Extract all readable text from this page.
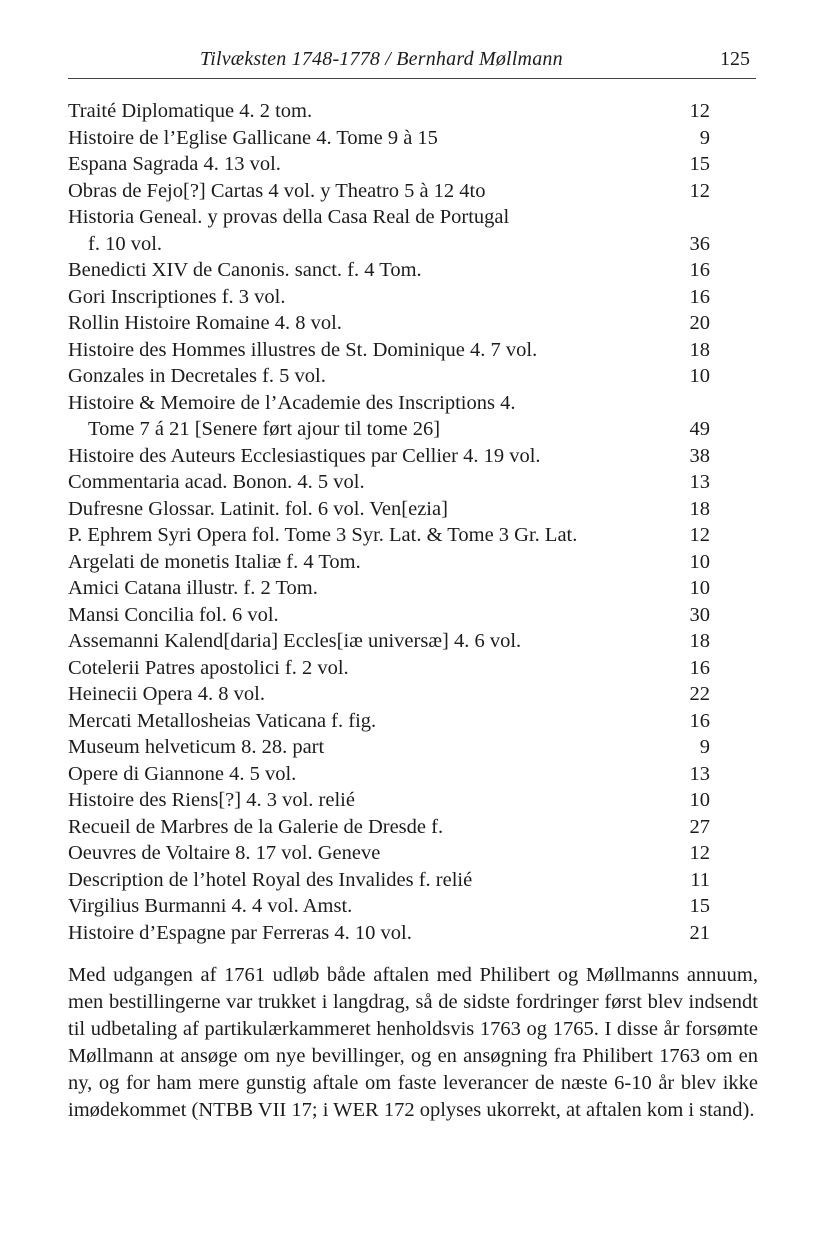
Tilvæksten 1748-1778 / Bernhard Møllmann	125
Traité Diplomatique 4. 2 tom.	12
Histoire de l’Eglise Gallicane 4. Tome 9 à 15	9
Espana Sagrada 4. 13 vol.	15
Obras de Fejo[?] Cartas 4 vol. y Theatro 5 à 12 4to	12
Historia Geneal. y provas della Casa Real de Portugal
f. 10 vol.	36
Benedicti XIV de Canonis. sanct. f. 4 Tom.	16
Gori Inscriptiones f. 3 vol.	16
Rollin Histoire Romaine 4. 8 vol.	20
Histoire des Hommes illustres de St. Dominique 4. 7 vol.	18
Gonzales in Decretales f. 5 vol.	10
Histoire & Memoire de l’Academie des Inscriptions 4.
Tome 7 á 21 [Senere ført ajour til tome 26]	49
Histoire des Auteurs Ecclesiastiques par Cellier 4. 19 vol.	38
Commentaria acad. Bonon. 4. 5 vol.	13
Dufresne Glossar. Latinit. fol. 6 vol. Ven[ezia]	18
P. Ephrem Syri Opera fol. Tome 3 Syr. Lat. & Tome 3 Gr. Lat.	12
Argelati de monetis Italiæ f. 4 Tom.	10
Amici Catana illustr. f. 2 Tom.	10
Mansi Concilia fol. 6 vol.	30
Assemanni Kalend[daria] Eccles[iæ universæ] 4. 6 vol.	18
Cotelerii Patres apostolici f. 2 vol.	16
Heinecii Opera 4. 8 vol.	22
Mercati Metallosheias Vaticana f. fig.	16
Museum helveticum 8. 28. part	9
Opere di Giannone 4. 5 vol.	13
Histoire des Riens[?] 4. 3 vol. relié	10
Recueil de Marbres de la Galerie de Dresde f.	27
Oeuvres de Voltaire 8. 17 vol. Geneve	12
Description de l’hotel Royal des Invalides f. relié	11
Virgilius Burmanni 4. 4 vol. Amst.	15
Histoire d’Espagne par Ferreras 4. 10 vol.	21

Med udgangen af 1761 udløb både aftalen med Philibert og Møllmanns annuum, men bestillingerne var trukket i langdrag, så de sidste fordringer først blev indsendt til udbetaling af partikulærkammeret henholdsvis 1763 og 1765. I disse år forsømte Møllmann at ansøge om nye bevillinger, og en ansøgning fra Philibert 1763 om en ny, og for ham mere gunstig aftale om faste leverancer de næste 6-10 år blev ikke imødekommet (NTBB VII 17; i WER 172 oplyses ukorrekt, at aftalen kom i stand).
